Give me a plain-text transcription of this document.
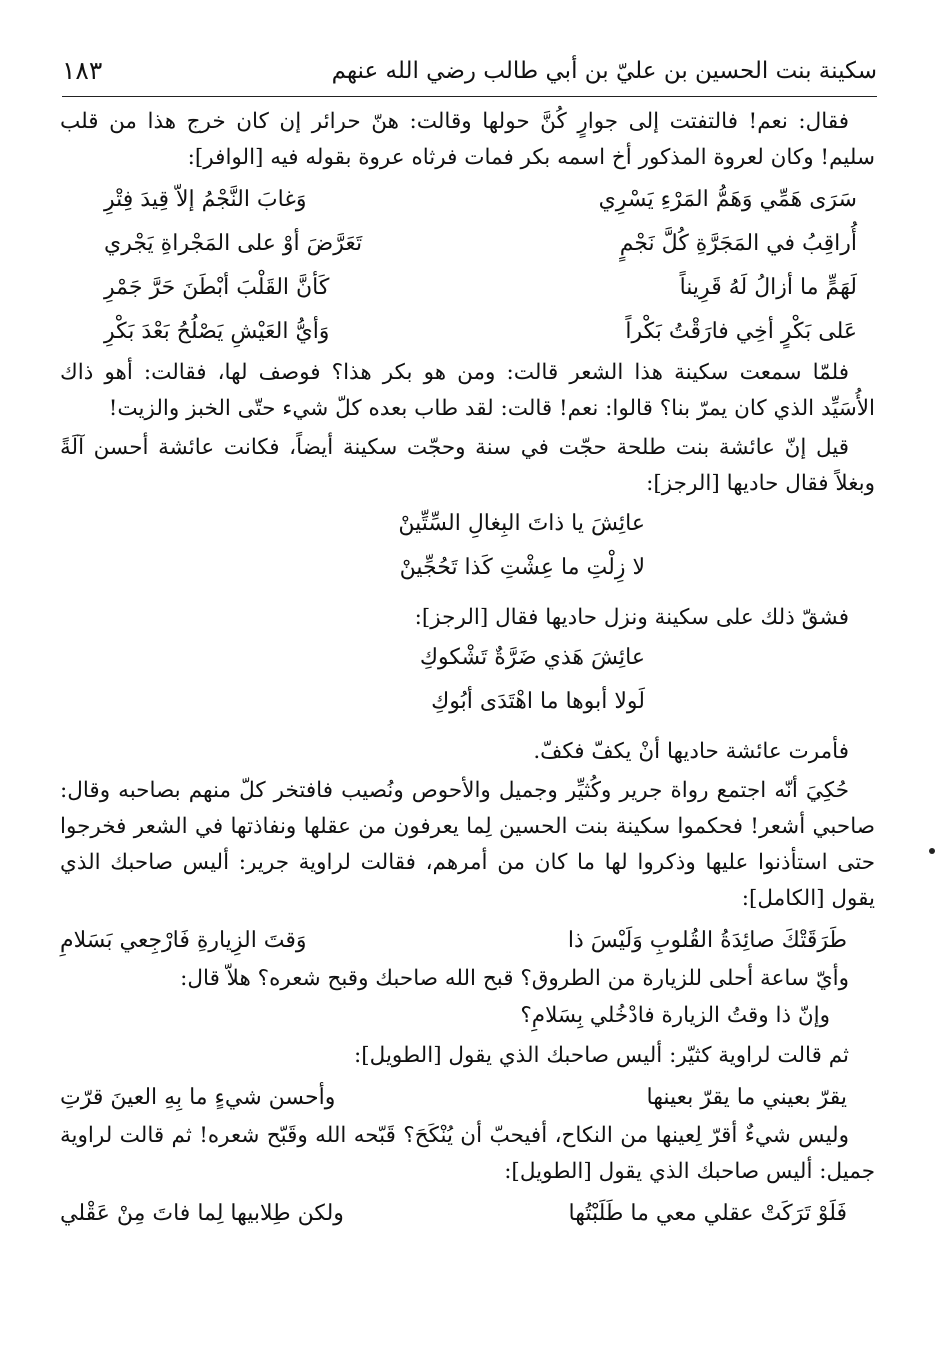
سكينة بنت الحسين بن عليّ بن أبي طالب رضي الله عنهم
١٨٣

فقال: نعم! فالتفتت إلى جوارٍ كُنَّ حولها وقالت: هنّ حرائر إن كان خرج هذا من قلب سليم! وكان لعروة المذكور أخ اسمه بكر فمات فرثاه عروة بقوله فيه [الوافر]:

سَرَى هَمِّي وَهَمُّ المَرْءِ يَسْرِي
وَغابَ النَّجْمُ إلاّ قِيدَ فِتْرِ
أُراقِبُ في المَجَرَّةِ كُلَّ نَجْمٍ
تَعَرَّضَ أوْ على المَجْراةِ يَجْري
لَهَمٍّ ما أزالُ لَهُ قَرِيناً
كَأنَّ القَلْبَ أبْطَنَ حَرَّ جَمْرِ
عَلى بَكْرٍ أخِي فارَقْتُ بَكْراً
وَأيُّ العَيْشِ يَصْلُحُ بَعْدَ بَكْرِ

فلمّا سمعت سكينة هذا الشعر قالت: ومن هو بكر هذا؟ فوصف لها، فقالت: أهو ذاك الأُسَيِّد الذي كان يمرّ بنا؟ قالوا: نعم! قالت: لقد طاب بعده كلّ شيء حتّى الخبز والزيت!

قيل إنّ عائشة بنت طلحة حجّت في سنة وحجّت سكينة أيضاً، فكانت عائشة أحسن آلَةً وبغلاً فقال حاديها [الرجز]:

عائِشَ يا ذاتَ البِغالِ السِّتِّينْ
لا زِلْتِ ما عِشْتِ كَذا تَحُجِّينْ

فشقّ ذلك على سكينة ونزل حاديها فقال [الرجز]:

عائِشَ هَذي ضَرَّةٌ تَشْكوكِ
لَولا أبوها ما اهْتَدَى أبُوكِ

فأمرت عائشة حاديها أنْ يكفّ فكفّ.

حُكِيَ أنّه اجتمع رواة جرير وكُثيِّر وجميل والأحوص ونُصيب فافتخر كلّ منهم بصاحبه وقال: صاحبي أشعر! فحكموا سكينة بنت الحسين لِما يعرفون من عقلها ونفاذتها في الشعر فخرجوا حتى استأذنوا عليها وذكروا لها ما كان من أمرهم، فقالت لراوية جرير: أليس صاحبك الذي يقول [الكامل]:

طَرَقَتْكَ صائِدَةُ القُلوبِ وَلَيْسَ ذا
وَقتَ الزِيارةِ فَارْجِعي بَسَلامِ

وأيّ ساعة أحلى للزيارة من الطروق؟ قبح الله صاحبك وقبح شعره؟ هلاّ قال:

وإنّ ذا وقتُ الزيارة فادْخُلي بِسَلامِ؟

ثم قالت لراوية كثيّر: أليس صاحبك الذي يقول [الطويل]:

يقرّ بعيني ما يقرّ بعينها
وأحسن شيءٍ ما بِهِ العينَ قرّتِ

وليس شيءٌ أقرّ لِعينها من النكاح، أفيحبّ أن يُنْكَحَ؟ قَبّحه الله وقَبّح شعره! ثم قالت لراوية جميل: أليس صاحبك الذي يقول [الطويل]:

فَلَوْ تَرَكَتْ عقلي معي ما طَلَبْتُها
ولكن طِلابيها لِما فاتَ مِنْ عَقْلي
